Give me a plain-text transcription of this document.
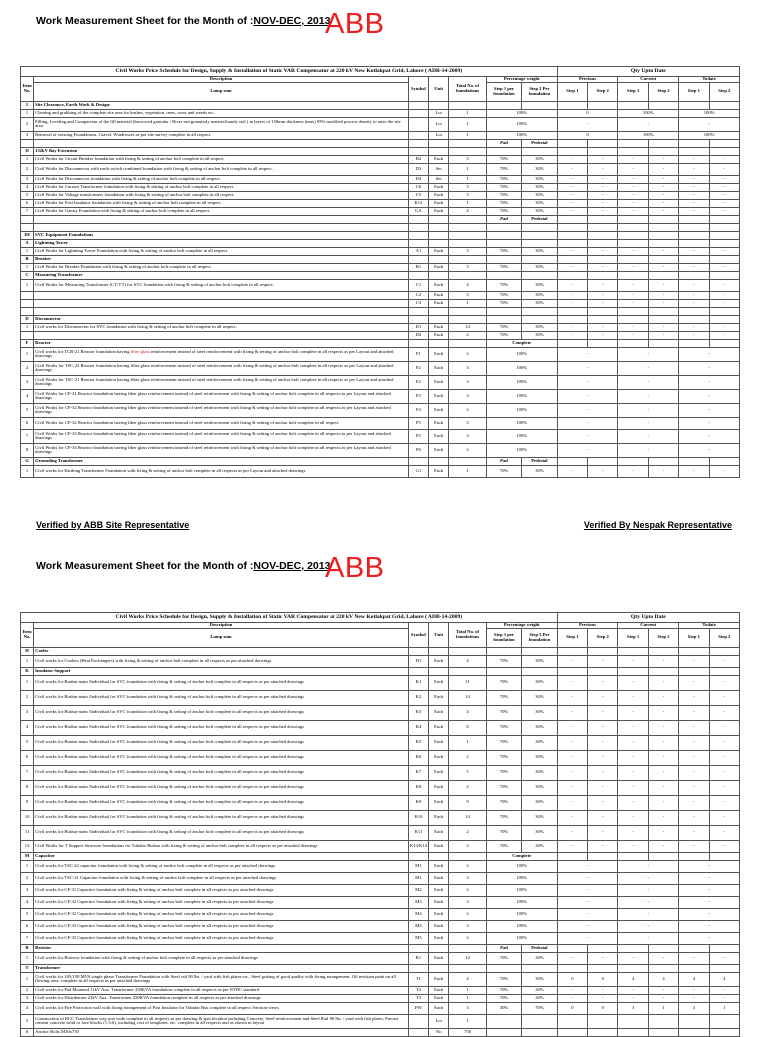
Work Measurement Sheet for the Month of :NOV-DEC, 2013
ABB
Civil Works Price Schedule for Design, Supply & Installation of Static VAR Compensator at 220 kV New Kotlakpat Grid, Lahore ( ADB-14-2009)							Qty Upto Date					
Item No.	Description	Symbol	Unit	Total No. of foundations	Percentage weight		Previous		Current		Todate	
	Lump sum				Step 1 per foundation	Step 2 Per foundation	Step 1	Step 2	Step 1	Step 2	Step 1	Step 2

I	Site Clearance, Earth Work & Design:											
1	Clearing and grubbing of the complete site area for bushes, vegetation, trees, roots and weeds etc.		Lot	1	100%		0		100%		100%	
2	Filling, Leveling and Compaction of the fill material (borrowed granular / River run granularly material/sandy soil ) in layers of 150mm thickness (max) 95% modified proctor density to raise the site area.		Lot	1	100%		-		-		-	
3	Removal of existing Foundations, Gravel, Windrosses as per site survey complete in all respect.		Lot	1	100%		0		100%		100%	
					Pad	Pedestal						
II	132kV Bay Extension											
1	Civil Works for Circuit Breaker foundation with fixing & setting of anchor bolt complete in all respect.	B2	Each	3	70%	30%	-	-	-	-	-	-
2	Civil Works for Disconnector with earth switch combined foundation with fixing & setting of anchor bolt complete in all respect.	D3	Set	1	70%	30%	-	-	-	-	-	-
3	Civil Works for Disconnector foundation with fixing & setting of anchor bolt complete in all respect.	D4	Set	1	70%	30%	-	-	-	-	-	-
4	Civil Works for Current Transformer foundation with fixing & setting of anchor bolt complete in all respect.	C6	Each	3	70%	30%	-	-	-	-	-	-
5	Civil Works for Voltage transformers foundation with fixing & setting of anchor bolt complete in all respect.	C5	Each	3	70%	30%	-	-	-	-	-	-
6	Civil Works for Post Insulator foundation with fixing & setting of anchor bolt complete in all respect.	K12	Each	1	70%	30%	-	-	-	-	-	-
7	Civil Works for Gantry Foundation with fixing & setting of anchor bolt complete in all respect.	GA	Each	4	70%	30%	-	-	-	-	-	-
					Pad	Pedestal						

III	SVC Equipment Foundations											
A	Lightning Tower											
1	Civil Works for Lightning Tower Foundation with fixing & setting of anchor bolt complete in all respect.	A1	Each	3	70%	30%	-	-	-	-	-	-
B	Breaker											
1	Civil Works for Breaker Foundation with fixing & setting of anchor bolt complete in all respect.	B1	Each	3	70%	30%	-	-	-	-	-	-
C	Measuring Transformer											
1	Civil Works for Measuring Transformer (CT/VT) for SVC foundation with fixing & setting of anchor bolt complete in all respect.	C1	Each	4	70%	30%	-	-	-	-	-	-
		C2	Each	3	70%	30%	-	-	-	-	-	-
		C3	Each	1	70%	30%	-	-	-	-	-	-

D	Disconnector											
1	Civil works for Disconnector for SVC foundation with fixing & setting of anchor bolt complete in all respect.	D1	Each	14	70%	30%	-	-	-	-	-	-
		D2	Each	2	70%	30%	-	-	-	-	-	-
F	Reactor				Complete							
1	Civil works for TCR-21 Reactor foundation having fiber glass reinforcement instead of steel reinforcement with fixing & setting of anchor bolt complete in all respects as per Layout and attached drawings	F1	Each	3	100%		-		-		-	
2	Civil Works for TSC-22 Reactor foundation having fiber glass reinforcement instead of steel reinforcement with fixing & setting of anchor bolt complete in all respects as per Layout and attached drawings	F2	Each	3	100%		-		-		-	
3	Civil Works for TSC-21 Reactor foundation having fiber glass reinforcement instead of steel reinforcement with fixing & setting of anchor bolt complete in all respects as per Layout and attached drawings	F2	Each	3	100%		-		-		-	
4	Civil Works for CF-31 Reactor foundation having fiber glass reinforcement instead of steel reinforcement with fixing & setting of anchor bolt complete in all respects as per Layout and attached drawings	F3	Each	3	100%		-		-		-	
5	Civil Works for CF-32 Reactor foundation having fiber glass reinforcement instead of steel reinforcement with fixing & setting of anchor bolt complete in all respects as per Layout and attached drawings	F4	Each	3	100%		-		-		-	
6	Civil Works for CF-32 Reactor foundation having fiber glass reinforcement instead of steel reinforcement with fixing & setting of anchor bolt complete in all respect.	F5	Each	3	100%		-		-		-	
7	Civil Works for CF-33 Reactor foundation having fiber glass reinforcement instead of steel reinforcement with fixing & setting of anchor bolt complete in all respects as per Layout and attached drawings	F5	Each	3	100%		-		-		-	
8	Civil Works for CF-33 Reactor foundation having fiber glass reinforcement instead of steel reinforcement with fixing & setting of anchor bolt complete in all respects as per Layout and attached drawings	F6	Each	3	100%		-		-		-	
G	Grounding Transformer				Pad	Pedestal						
1	Civil works for Earthing Transformer Foundation with fixing & setting of anchor bolt complete in all respects as per Layout and attached drawings	G1	Each	1	70%	30%	-	-	-	-	-	-
Verified by ABB Site Representative	Verified By Nespak Representative
Work Measurement Sheet for the Month of :NOV-DEC, 2013
ABB
Civil Works Price Schedule for Design, Supply & Installation of Static VAR Compensator at 220 kV New Kotlakpat Grid, Lahore ( ADB-14-2009)							Qty Upto Date					
Item No.	Description	Symbol	Unit	Total No. of foundations	Percentage weight		Previous		Current		Todate	
	Lump sum				Step 1 per foundation	Step 2 Per foundation	Step 1	Step 2	Step 1	Step 2	Step 1	Step 2

H	Cooler											
1	Civil works for Coolers (Heat Exchangers) with fixing & setting of anchor bolt complete in all respects as per attached drawings	H1	Each	4	70%	30%	-	-	-	-	-	-
K	Insulator Support											
1	Civil works for Busbar main /Individual for SVC foundation with fixing & setting of anchor bolt complete in all respects as per attached drawings	K1	Each	11	70%	30%	-	-	-	-	-	-
2	Civil works for Busbar main /Individual for SVC foundation with fixing & setting of anchor bolt complete in all respects as per attached drawings	K2	Each	14	70%	30%	-	-	-	-	-	-
3	Civil works for Busbar main /Individual for SVC foundation with fixing & setting of anchor bolt complete in all respects as per attached drawings	K3	Each	4	70%	30%	-	-	-	-	-	-
4	Civil works for Busbar main /Individual for SVC foundation with fixing & setting of anchor bolt complete in all respects as per attached drawings	K4	Each	6	70%	30%	-	-	-	-	-	-
5	Civil works for Busbar main /Individual for SVC foundation with fixing & setting of anchor bolt complete in all respects as per attached drawings	K5	Each	1	70%	30%	-	-	-	-	-	-
6	Civil works for Busbar main /Individual for SVC foundation with fixing & setting of anchor bolt complete in all respects as per attached drawings	K6	Each	2	70%	30%	-	-	-	-	-	-
7	Civil works for Busbar main /Individual for SVC foundation with fixing & setting of anchor bolt complete in all respects as per attached drawings	K7	Each	5	70%	30%	-	-	-	-	-	-
8	Civil works for Busbar main /Individual for SVC foundation with fixing & setting of anchor bolt complete in all respects as per attached drawings	K8	Each	2	70%	30%	-	-	-	-	-	-
9	Civil works for Busbar main /Individual for SVC foundation with fixing & setting of anchor bolt complete in all respects as per attached drawings	K9	Each	9	70%	30%	-	-	-	-	-	-
10	Civil works for Busbar main /Individual for SVC foundation with fixing & setting of anchor bolt complete in all respects as per attached drawings	K10	Each	14	70%	30%	-	-	-	-	-	-
11	Civil works for Busbar main /Individual for SVC foundation with fixing & setting of anchor bolt complete in all respects as per attached drawings	K11	Each	2	70%	30%	-	-	-	-	-	-
12	Civil Works for T Support Structure foundations for Tubular Busbar with fixing & setting of anchor bolt complete in all respects as per attached drawings	K13/K14	Each	2	70%	30%	-	-	-	-	-	-
M	Capacitor				Complete							
1	Civil works for TSC-22 capacitor foundation with fixing & setting of anchor bolt complete in all respects as per attached drawings	M1	Each	3	100%		-		-		-	
2	Civil works for TSC-21 Capacitor foundation with fixing & setting of anchor bolt complete in all respects as per attached drawings	M1	Each	3	100%		-		-		-	
3	Civil works for CF-31 Capacitor foundation with fixing & setting of anchor bolt complete in all respects as per attached drawings	M2	Each	3	100%		-		-		-	
4	Civil works for CF-32 Capacitor foundation with fixing & setting of anchor bolt complete in all respects as per attached drawings	M3	Each	3	100%		-		-		-	
5	Civil works for CF-32 Capacitor foundation with fixing & setting of anchor bolt complete in all respects as per attached drawings	M4	Each	3	100%		-		-		-	
6	Civil works for CF-33 Capacitor foundation with fixing & setting of anchor bolt complete in all respects as per attached drawings	M4	Each	3	100%		-		-		-	
7	Civil works for CF-33 Capacitor foundation with fixing & setting of anchor bolt complete in all respects as per attached drawings	M5	Each	3	100%		-		-		-	
R	Resistor				Pad	Pedestal						
1	Civil works for Resistor foundation with fixing & setting of anchor bolt complete in all respects as per attached drawings	R1	Each	12	70%	30%	-	-	-	-	-	-
T	Transformer											
1	Civil works for 105/150 MVA single phase Transformer Foundation with Steel rail 90 lbs. / yard with fish plates etc., Steel grating of good quality with fixing arrangement, Oil resistant paint on all flowing area, complete in all respects as per attached drawings	T1	Each	4	70%	30%	0	0	4	4	4	4
2	Civil works for Pad Mounted 11kV Aux. Transformer 250KVA foundation complete in all respects as per NTDC standard	T2	Each	1	70%	30%	-	-	-	-	-	-
3	Civil works for Distribution 22kV Aux. Transformer 250KVA foundation complete in all respects as per attached drawings	T3	Each	1	70%	30%	-	-	-	-	-	-
4	Civil works for Fire Protection wall with fixing arrangement of Post Insulator for Tubular Bus complete in all respect /Section views	FW	Each	3	30%	70%	0	0	3	1	3	1
5	Construction of RCC Transformer way non wide complete in all respects as per drawing & specification including Concrete, Steel reinforcement and Steel Rail 90 lbs. / yard with fish plates, Precast cement concrete solid or face blocks (1:3:6), including cost of templates, etc. complete in all respects and as shown in layout		Lot	1								
6	Anchor Bolts M30x750		No	750								
